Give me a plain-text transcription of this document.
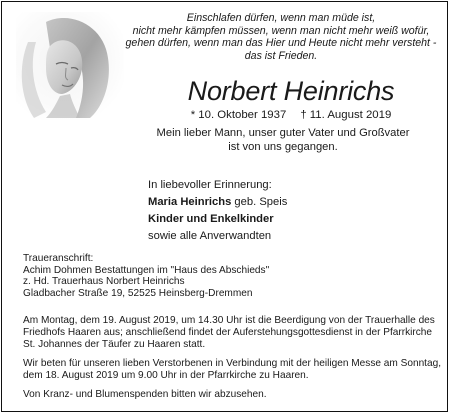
Einschlafen dürfen, wenn man müde ist,
nicht mehr kämpfen müssen, wenn man nicht mehr weiß wofür,
gehen dürfen, wenn man das Hier und Heute nicht mehr versteht -
das ist Frieden.
Norbert Heinrichs
* 10. Oktober 1937 † 11. August 2019
Mein lieber Mann, unser guter Vater und Großvater
ist von uns gegangen.
In liebevoller Erinnerung:
Maria Heinrichs geb. Speis
Kinder und Enkelkinder
sowie alle Anverwandten
Traueranschrift:
Achim Dohmen Bestattungen im "Haus des Abschieds"
z. Hd. Trauerhaus Norbert Heinrichs
Gladbacher Straße 19, 52525 Heinsberg-Dremmen
Am Montag, dem 19. August 2019, um 14.30 Uhr ist die Beerdigung von der Trauerhalle des
Friedhofs Haaren aus; anschließend findet der Auferstehungsgottesdienst in der Pfarrkirche
St. Johannes der Täufer zu Haaren statt.
Wir beten für unseren lieben Verstorbenen in Verbindung mit der heiligen Messe am Sonntag,
dem 18. August 2019 um 9.00 Uhr in der Pfarrkirche zu Haaren.
Von Kranz- und Blumenspenden bitten wir abzusehen.
